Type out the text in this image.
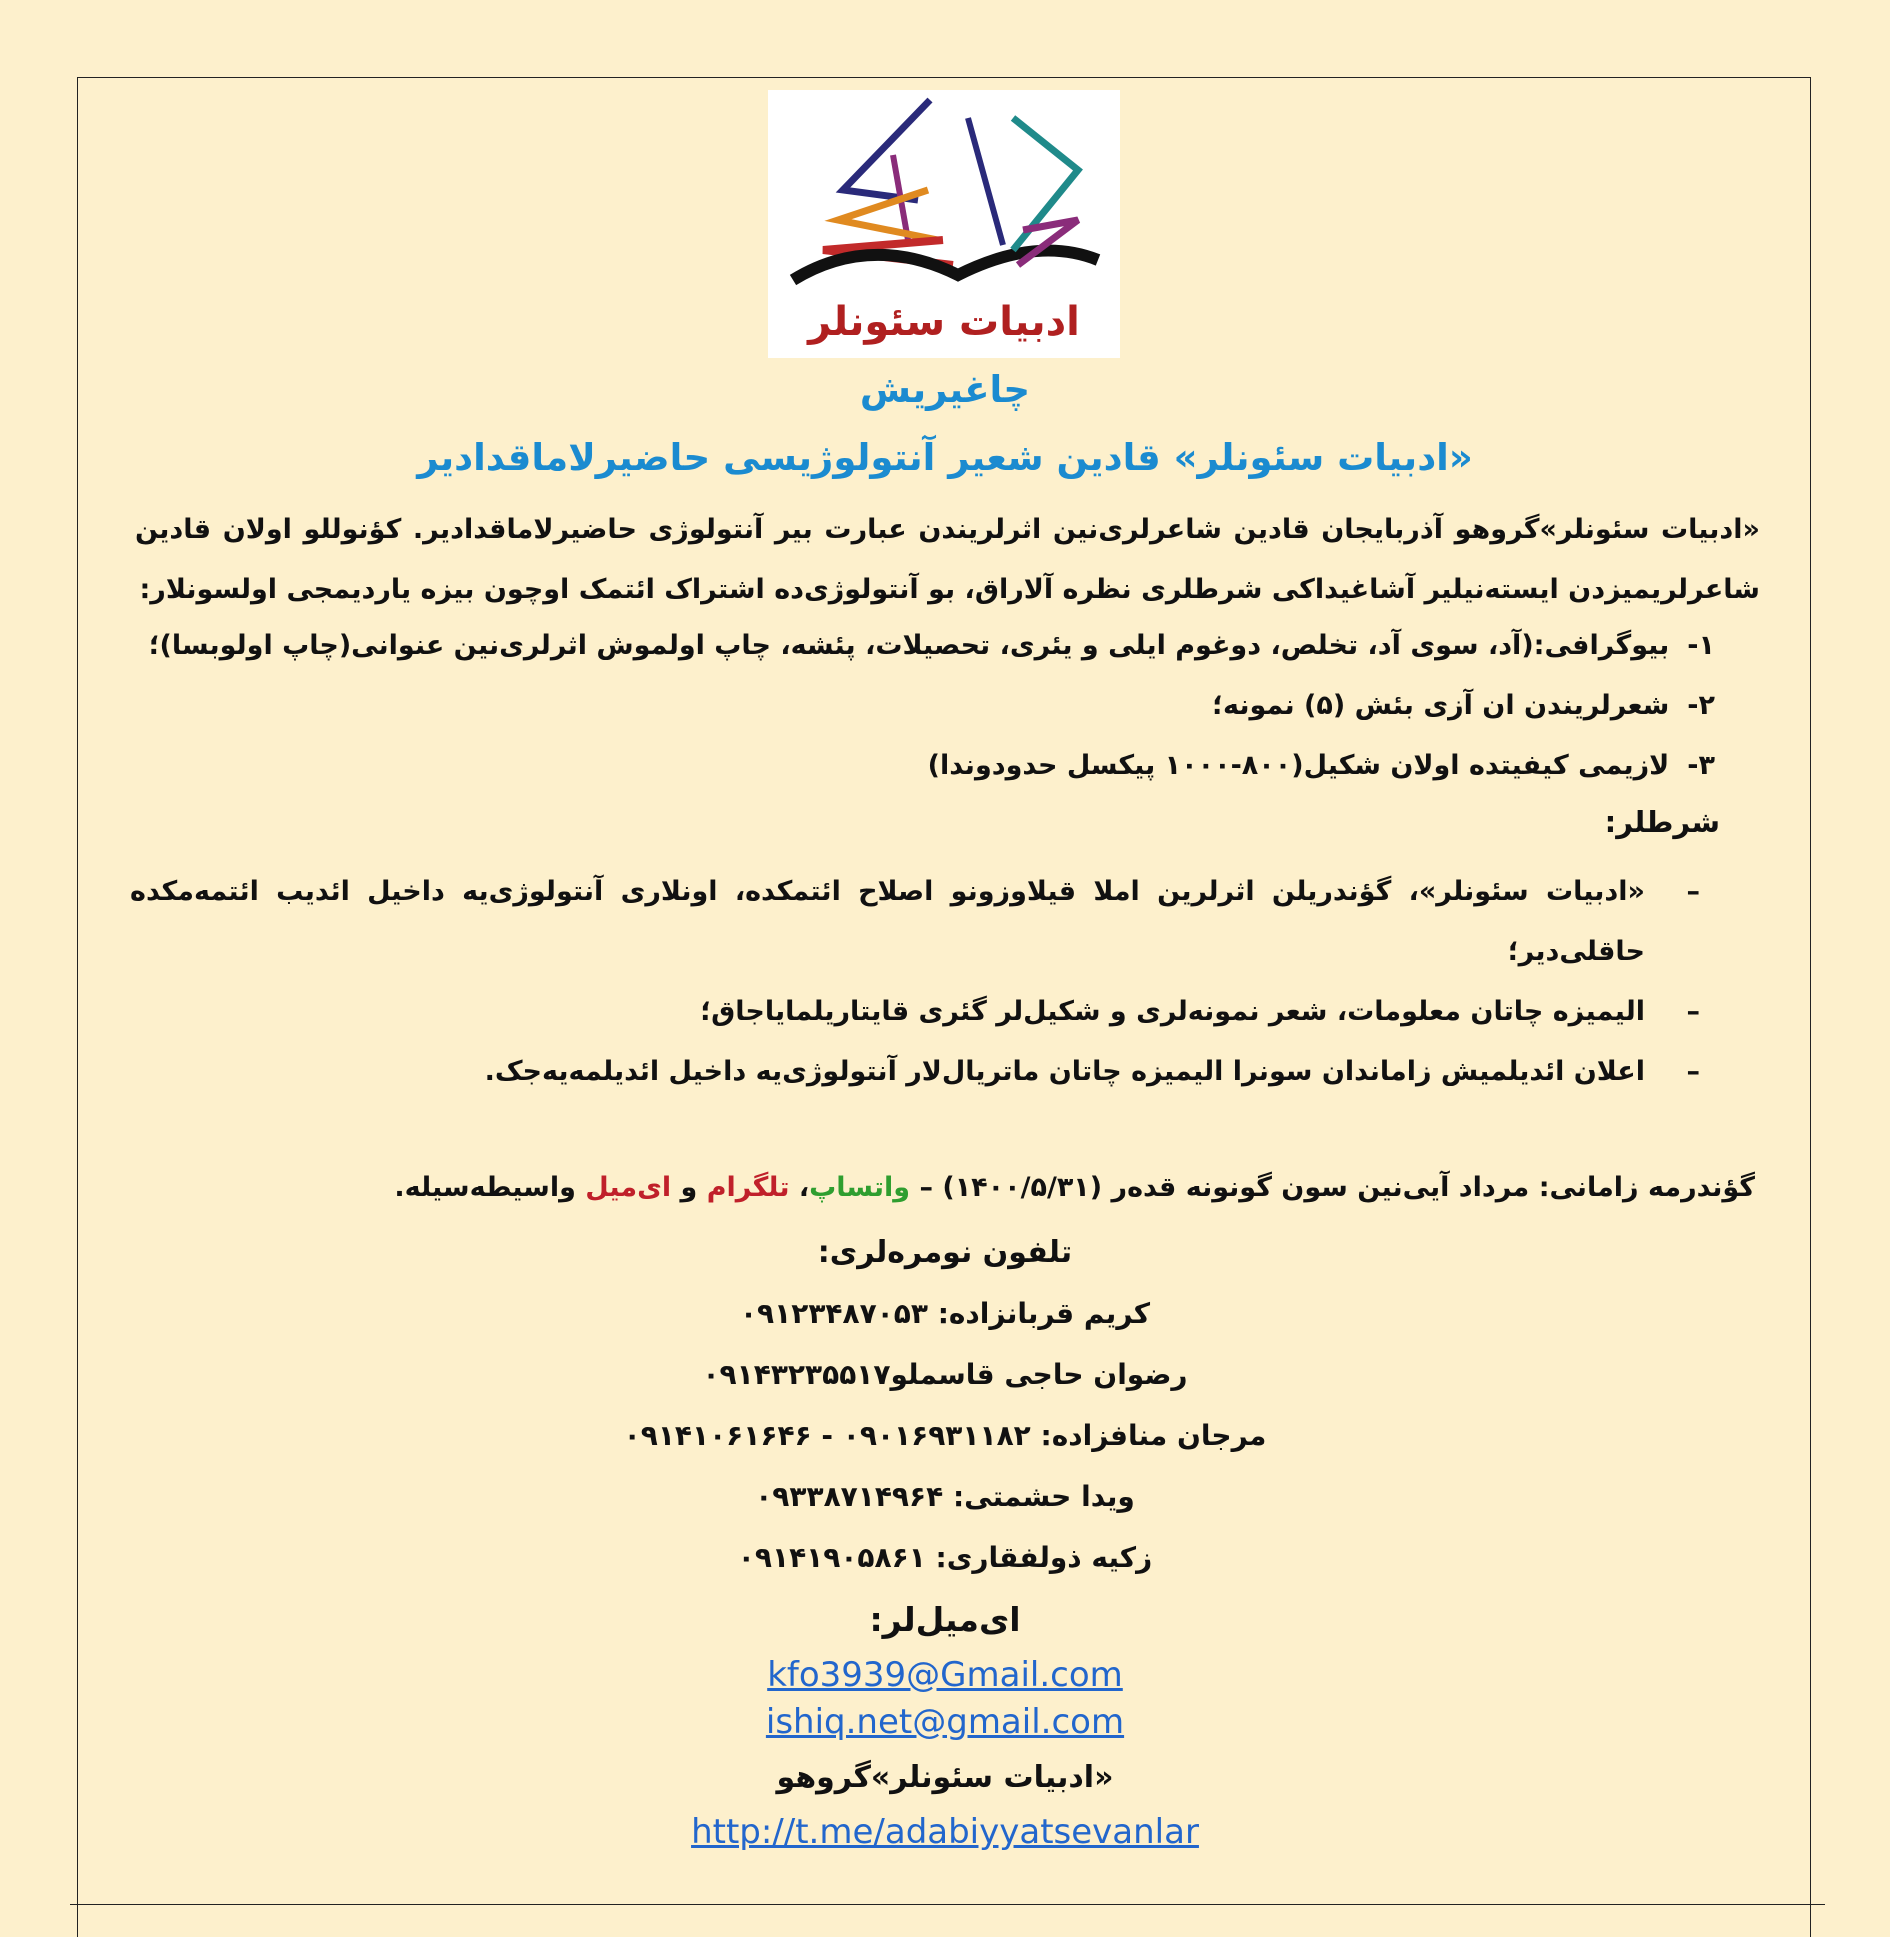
ادبیات سئونلر
چاغیریش
«ادبیات سئونلر» قادین شعیر آنتولوژیسی حاضیرلاماقدادیر
«ادبیات سئونلر»گروهو آذربایجان قادین شاعرلری‌نین اثرلریندن عبارت بیر آنتولوژی حاضیرلاماقدادیر. کؤنوللو اولان قادین شاعرلریمیزدن ایسته‌نیلیر آشاغیداکی شرطلری نظره آلاراق، بو آنتولوژی‌ده اشتراک ائتمک اوچون بیزه یاردیمجی اولسونلار:
۱-بیوگرافی:(آد، سوی آد، تخلص، دوغوم ایلی و یئری، تحصیلات، پئشه، چاپ اولموش اثرلری‌نین عنوانی(چاپ اولوبسا)؛
۲-شعرلریندن ان آزی بئش (۵) نمونه؛
۳-لازیمی کیفیتده اولان شکیل(۸۰۰-۱۰۰۰ پیکسل حدودوندا)
شرطلر:
–
«ادبیات سئونلر»، گؤندریلن اثرلرین املا قیلاوزونو اصلاح ائتمکده، اونلاری آنتولوژی‌یه داخیل ائدیب ائتمه‌مکده حاقلی‌دیر؛
–
الیمیزه چاتان معلومات، شعر نمونه‌لری و شکیل‌لر گئری قایتاریلمایاجاق؛
–
اعلان ائدیلمیش زاماندان سونرا الیمیزه چاتان ماتریال‌لار آنتولوژی‌یه داخیل ائدیلمه‌یه‌جک.
گؤندرمه زامانی: مرداد آیی‌نین سون گونونه قده‌ر (۱۴۰۰/۵/۳۱) – واتساپ، تلگرام و ای‌میل واسیطه‌سیله.
تلفون نومره‌لری:
کریم قربانزاده: ۰۹۱۲۳۴۸۷۰۵۳
رضوان حاجی قاسملو۰۹۱۴۳۲۳۵۵۱۷
مرجان منافزاده: ۰۹۰۱۶۹۳۱۱۸۲ - ۰۹۱۴۱۰۶۱۶۴۶
ویدا حشمتی: ۰۹۳۳۸۷۱۴۹۶۴
زکیه ذولفقاری: ۰۹۱۴۱۹۰۵۸۶۱
ای‌میل‌لر:
kfo3939@Gmail.com
ishiq.net@gmail.com
«ادبیات سئونلر»گروهو
http://t.me/adabiyyatsevanlar
